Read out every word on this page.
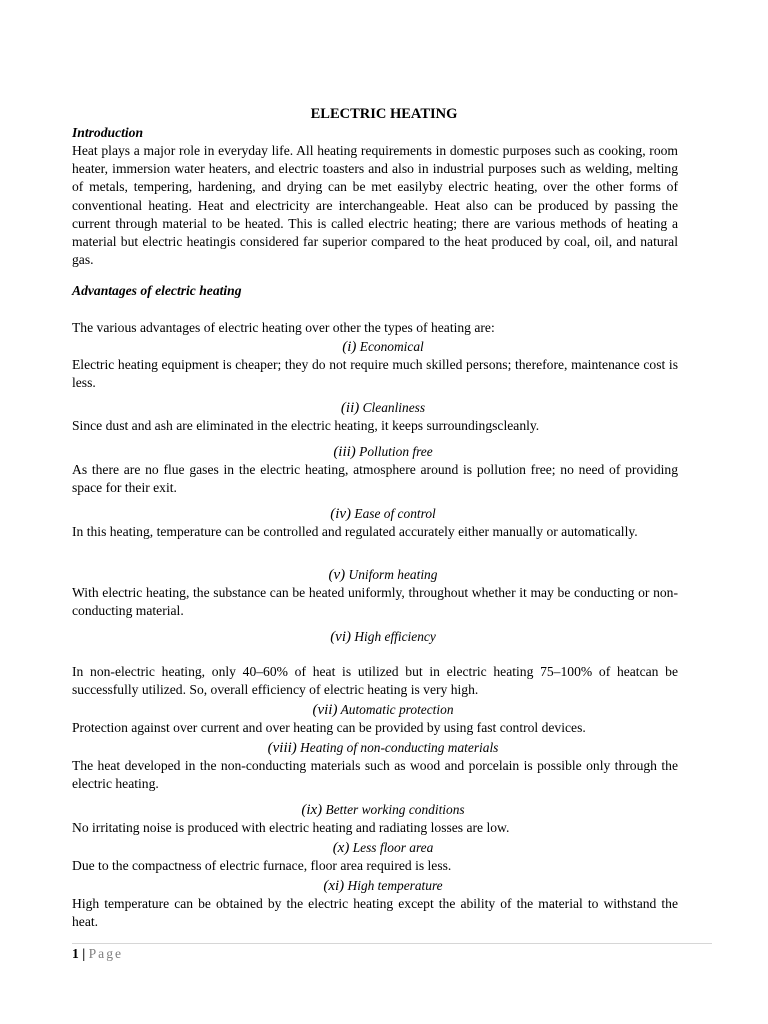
ELECTRIC HEATING

Introduction

Heat plays a major role in everyday life. All heating requirements in domestic purposes such as cooking, room heater, immersion water heaters, and electric toasters and also in industrial purposes such as welding, melting of metals, tempering, hardening, and drying can be met easilyby electric heating, over the other forms of conventional heating. Heat and electricity are interchangeable. Heat also can be produced by passing the current through material to be heated. This is called electric heating; there are various methods of heating a material but electric heatingis considered far superior compared to the heat produced by coal, oil, and natural gas.

Advantages of electric heating

The various advantages of electric heating over other the types of heating are:

(i) Economical

Electric heating equipment is cheaper; they do not require much skilled persons; therefore, maintenance cost is less.

(ii) Cleanliness

Since dust and ash are eliminated in the electric heating, it keeps surroundingscleanly.

(iii) Pollution free

As there are no flue gases in the electric heating, atmosphere around is pollution free; no need of providing space for their exit.

(iv) Ease of control

In this heating, temperature can be controlled and regulated accurately either manually or automatically.

(v) Uniform heating

With electric heating, the substance can be heated uniformly, throughout whether it may be conducting or non-conducting material.

(vi) High efficiency

In non-electric heating, only 40–60% of heat is utilized but in electric heating 75–100% of heatcan be successfully utilized. So, overall efficiency of electric heating is very high.

(vii) Automatic protection

Protection against over current and over heating can be provided by using fast control devices.

(viii) Heating of non-conducting materials

The heat developed in the non-conducting materials such as wood and porcelain is possible only through the electric heating.

(ix) Better working conditions

No irritating noise is produced with electric heating and radiating losses are low.

(x) Less floor area

Due to the compactness of electric furnace, floor area required is less.

(xi) High temperature

High temperature can be obtained by the electric heating except the ability of the material to withstand the heat.

1 | Page
